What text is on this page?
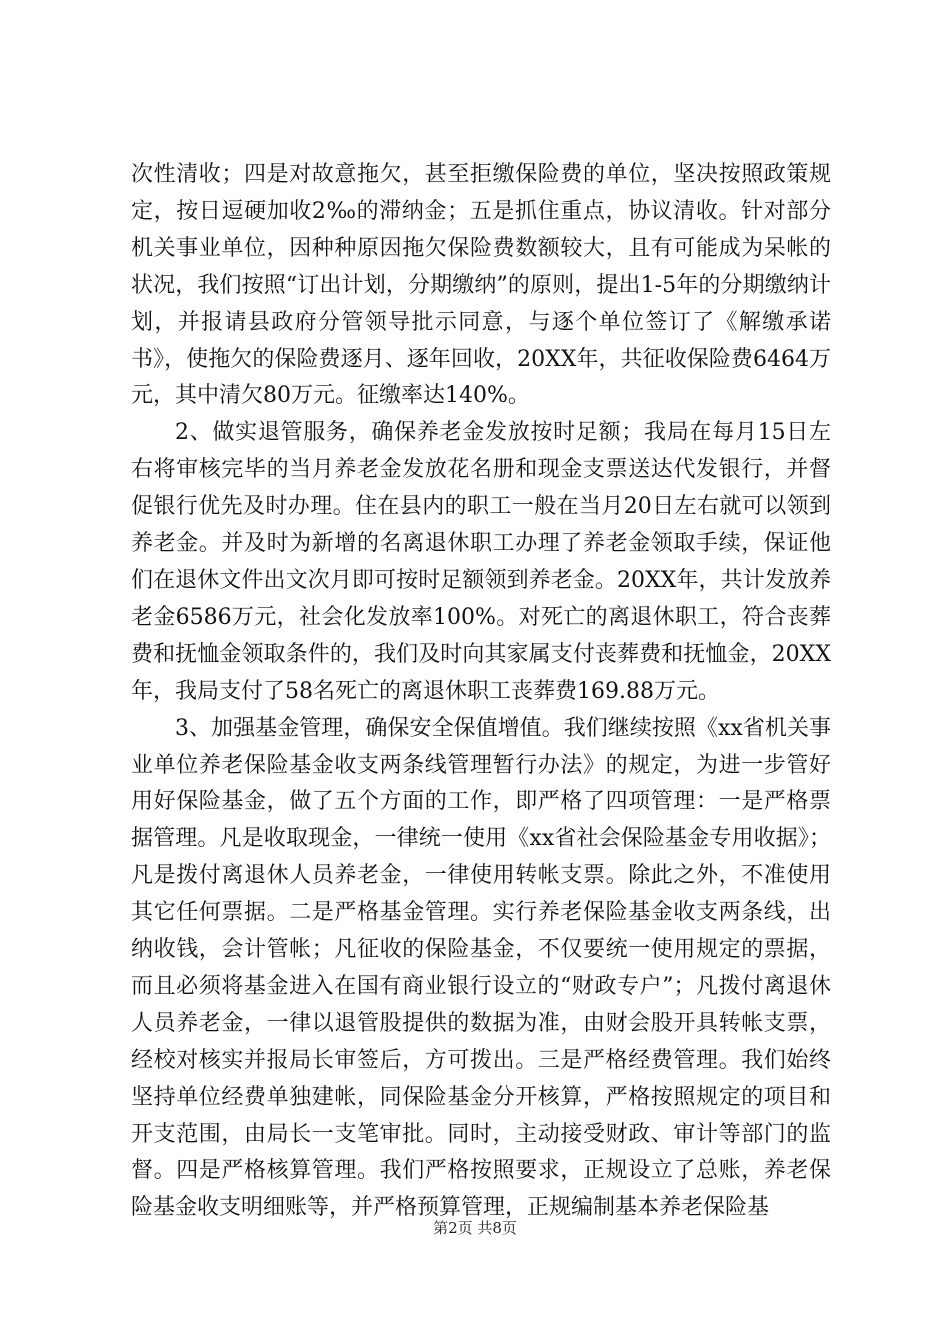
次性清收；四是对故意拖欠，甚至拒缴保险费的单位，坚决按照政策规定，按日逗硬加收2‰的滞纳金；五是抓住重点，协议清收。针对部分机关事业单位，因种种原因拖欠保险费数额较大，且有可能成为呆帐的状况，我们按照“订出计划，分期缴纳”的原则，提出1-5年的分期缴纳计划，并报请县政府分管领导批示同意，与逐个单位签订了《解缴承诺书》，使拖欠的保险费逐月、逐年回收，20XX年，共征收保险费6464万元，其中清欠80万元。征缴率达140%。

2、做实退管服务，确保养老金发放按时足额；我局在每月15日左右将审核完毕的当月养老金发放花名册和现金支票送达代发银行，并督促银行优先及时办理。住在县内的职工一般在当月20日左右就可以领到养老金。并及时为新增的名离退休职工办理了养老金领取手续，保证他们在退休文件出文次月即可按时足额领到养老金。20XX年，共计发放养老金6586万元，社会化发放率100%。对死亡的离退休职工，符合丧葬费和抚恤金领取条件的，我们及时向其家属支付丧葬费和抚恤金，20XX年，我局支付了58名死亡的离退休职工丧葬费169.88万元。

3、加强基金管理，确保安全保值增值。我们继续按照《xx省机关事业单位养老保险基金收支两条线管理暂行办法》的规定，为进一步管好用好保险基金，做了五个方面的工作，即严格了四项管理：一是严格票据管理。凡是收取现金，一律统一使用《xx省社会保险基金专用收据》；凡是拨付离退休人员养老金，一律使用转帐支票。除此之外，不准使用其它任何票据。二是严格基金管理。实行养老保险基金收支两条线，出纳收钱，会计管帐；凡征收的保险基金，不仅要统一使用规定的票据，而且必须将基金进入在国有商业银行设立的“财政专户”；凡拨付离退休人员养老金，一律以退管股提供的数据为准，由财会股开具转帐支票，经校对核实并报局长审签后，方可拨出。三是严格经费管理。我们始终坚持单位经费单独建帐，同保险基金分开核算，严格按照规定的项目和开支范围，由局长一支笔审批。同时，主动接受财政、审计等部门的监督。四是严格核算管理。我们严格按照要求，正规设立了总账，养老保险基金收支明细账等，并严格预算管理，正规编制基本养老保险基

第2页 共8页
